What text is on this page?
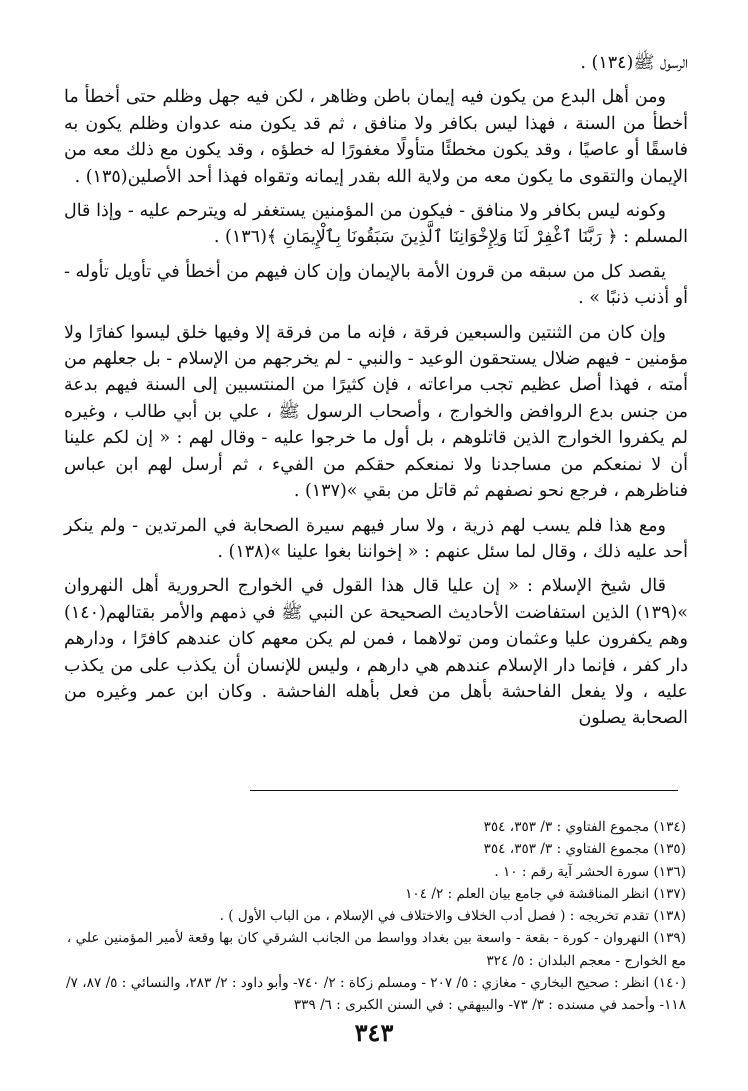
الرسول ﷺ(١٣٤) .

ومن أهل البدع من يكون فيه إيمان باطن وظاهر ، لكن فيه جهل وظلم حتى أخطأ ما أخطأ من السنة ، فهذا ليس بكافر ولا منافق ، ثم قد يكون منه عدوان وظلم يكون به فاسقًا أو عاصيًا ، وقد يكون مخطئًا متأولًا مغفورًا له خطؤه ، وقد يكون مع ذلك معه من الإيمان والتقوى ما يكون معه من ولاية الله بقدر إيمانه وتقواه فهذا أحد الأصلين(١٣٥) .

وكونه ليس بكافر ولا منافق - فيكون من المؤمنين يستغفر له ويترحم عليه - وإذا قال المسلم : ﴿ رَبَّنَا ٱغْفِرْ لَنَا وَلِإِخْوَانِنَا ٱلَّذِينَ سَبَقُونَا بِٱلْإِيمَانِ ﴾(١٣٦) .

يقصد كل من سبقه من قرون الأمة بالإيمان وإن كان فيهم من أخطأ في تأويل تأوله - أو أذنب ذنبًا » .

وإن كان من الثنتين والسبعين فرقة ، فإنه ما من فرقة إلا وفيها خلق ليسوا كفارًا ولا مؤمنين - فيهم ضلال يستحقون الوعيد - والنبي - لم يخرجهم من الإسلام - بل جعلهم من أمته ، فهذا أصل عظيم تجب مراعاته ، فإن كثيرًا من المنتسبين إلى السنة فيهم بدعة من جنس بدع الروافض والخوارج ، وأصحاب الرسول ﷺ ، علي بن أبي طالب ، وغيره لم يكفروا الخوارج الذين قاتلوهم ، بل أول ما خرجوا عليه - وقال لهم : « إن لكم علينا أن لا نمنعكم من مساجدنا ولا نمنعكم حقكم من الفيء ، ثم أرسل لهم ابن عباس فناظرهم ، فرجع نحو نصفهم ثم قاتل من بقي »(١٣٧) .

ومع هذا فلم يسب لهم ذرية ، ولا سار فيهم سيرة الصحابة في المرتدين - ولم ينكر أحد عليه ذلك ، وقال لما سئل عنهم : « إخواننا بغوا علينا »(١٣٨) .

قال شيخ الإسلام : « إن عليا قال هذا القول في الخوارج الحرورية أهل النهروان »(١٣٩) الذين استفاضت الأحاديث الصحيحة عن النبي ﷺ في ذمهم والأمر بقتالهم(١٤٠) وهم يكفرون عليا وعثمان ومن تولاهما ، فمن لم يكن معهم كان عندهم كافرًا ، ودارهم دار كفر ، فإنما دار الإسلام عندهم هي دارهم ، وليس للإنسان أن يكذب على من يكذب عليه ، ولا يفعل الفاحشة بأهل من فعل بأهله الفاحشة . وكان ابن عمر وغيره من الصحابة يصلون

(١٣٤) مجموع الفتاوي : ٣/ ٣٥٣، ٣٥٤

(١٣٥) مجموع الفتاوي : ٣/ ٣٥٣، ٣٥٤

(١٣٦) سورة الحشر آية رقم : ١٠ .

(١٣٧) انظر المناقشة في جامع بيان العلم : ٢/ ١٠٤

(١٣٨) تقدم تخريجه : ( فصل أدب الخلاف والاختلاف في الإسلام ، من الباب الأول ) .

(١٣٩) النهروان - كورة - بقعة - واسعة بين بغداد وواسط من الجانب الشرقي كان بها وقعة لأمير المؤمنين علي ، مع الخوارج - معجم البلدان : ٥/ ٣٢٤

(١٤٠) انظر : صحيح البخاري - مغازي : ٥/ ٢٠٧ - ومسلم زكاة : ٢/ ٧٤٠- وأبو داود : ٢/ ٢٨٣، والنسائي : ٥/ ٨٧، ٧/ ١١٨- وأحمد في مسنده : ٣/ ٧٣- والبيهقي : في السنن الكبرى : ٦/ ٣٣٩

٣٤٣
